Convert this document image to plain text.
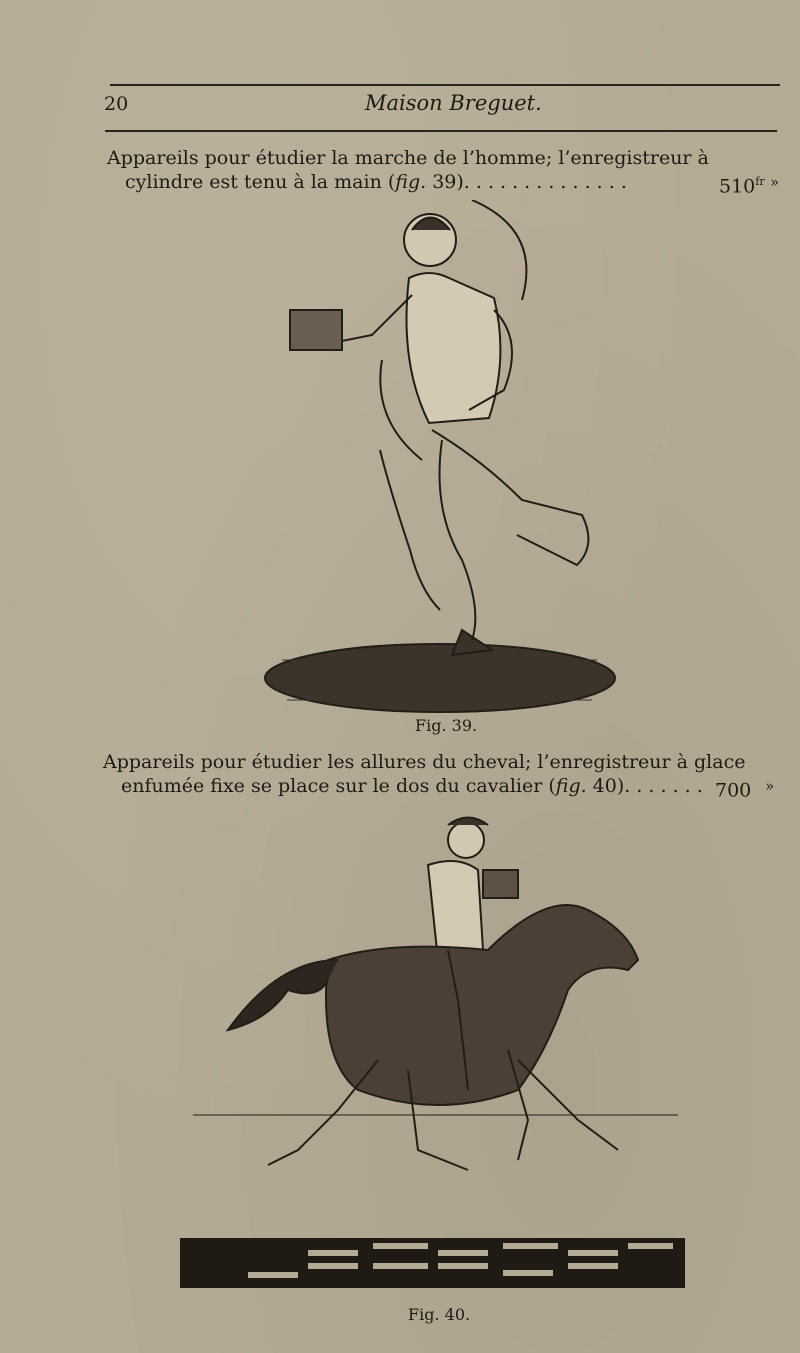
20	Maison Breguet.
Appareils pour étudier la marche de l’homme; l’enregistreur à
cylindre est tenu à la main (fig. 39). . . . . . . . . . . . . .	$510^{fr}$ »
Fig. 39.
Appareils pour étudier les allures du cheval; l’enregistreur à glace
enfumée fixe se place sur le dos du cavalier (fig. 40). . . . . . . 700 »
Fig. 40.
